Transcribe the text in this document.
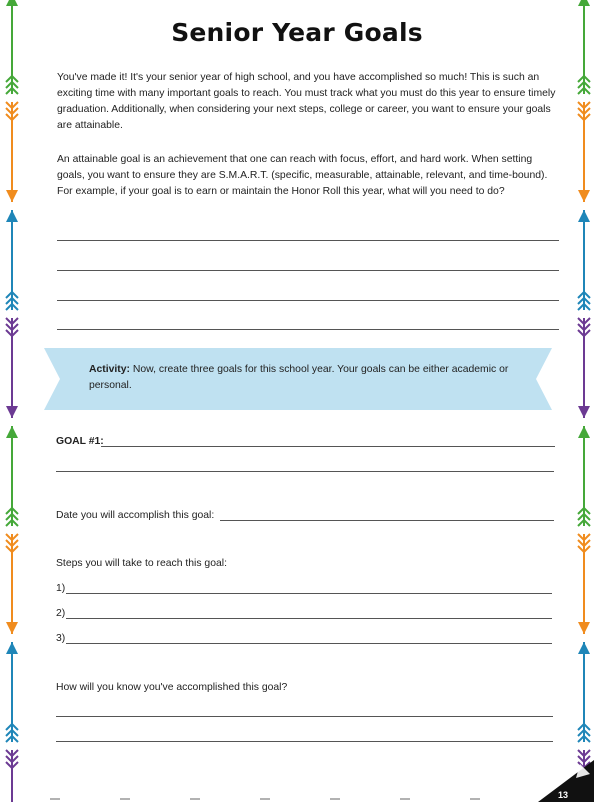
Senior Year Goals
You've made it! It's your senior year of high school, and you have accomplished so much! This is such an exciting time with many important goals to reach. You must track what you must do this year to ensure timely graduation. Additionally, when considering your next steps, college or career, you want to ensure your goals are attainable.
An attainable goal is an achievement that one can reach with focus, effort, and hard work. When setting goals, you want to ensure they are S.M.A.R.T. (specific, measurable, attainable, relevant, and time-bound). For example, if your goal is to earn or maintain the Honor Roll this year, what will you need to do?
Activity: Now, create three goals for this school year. Your goals can be either academic or personal.
GOAL #1:
Date you will accomplish this goal:
Steps you will take to reach this goal:
1)
2)
3)
How will you know you've accomplished this goal?
13
